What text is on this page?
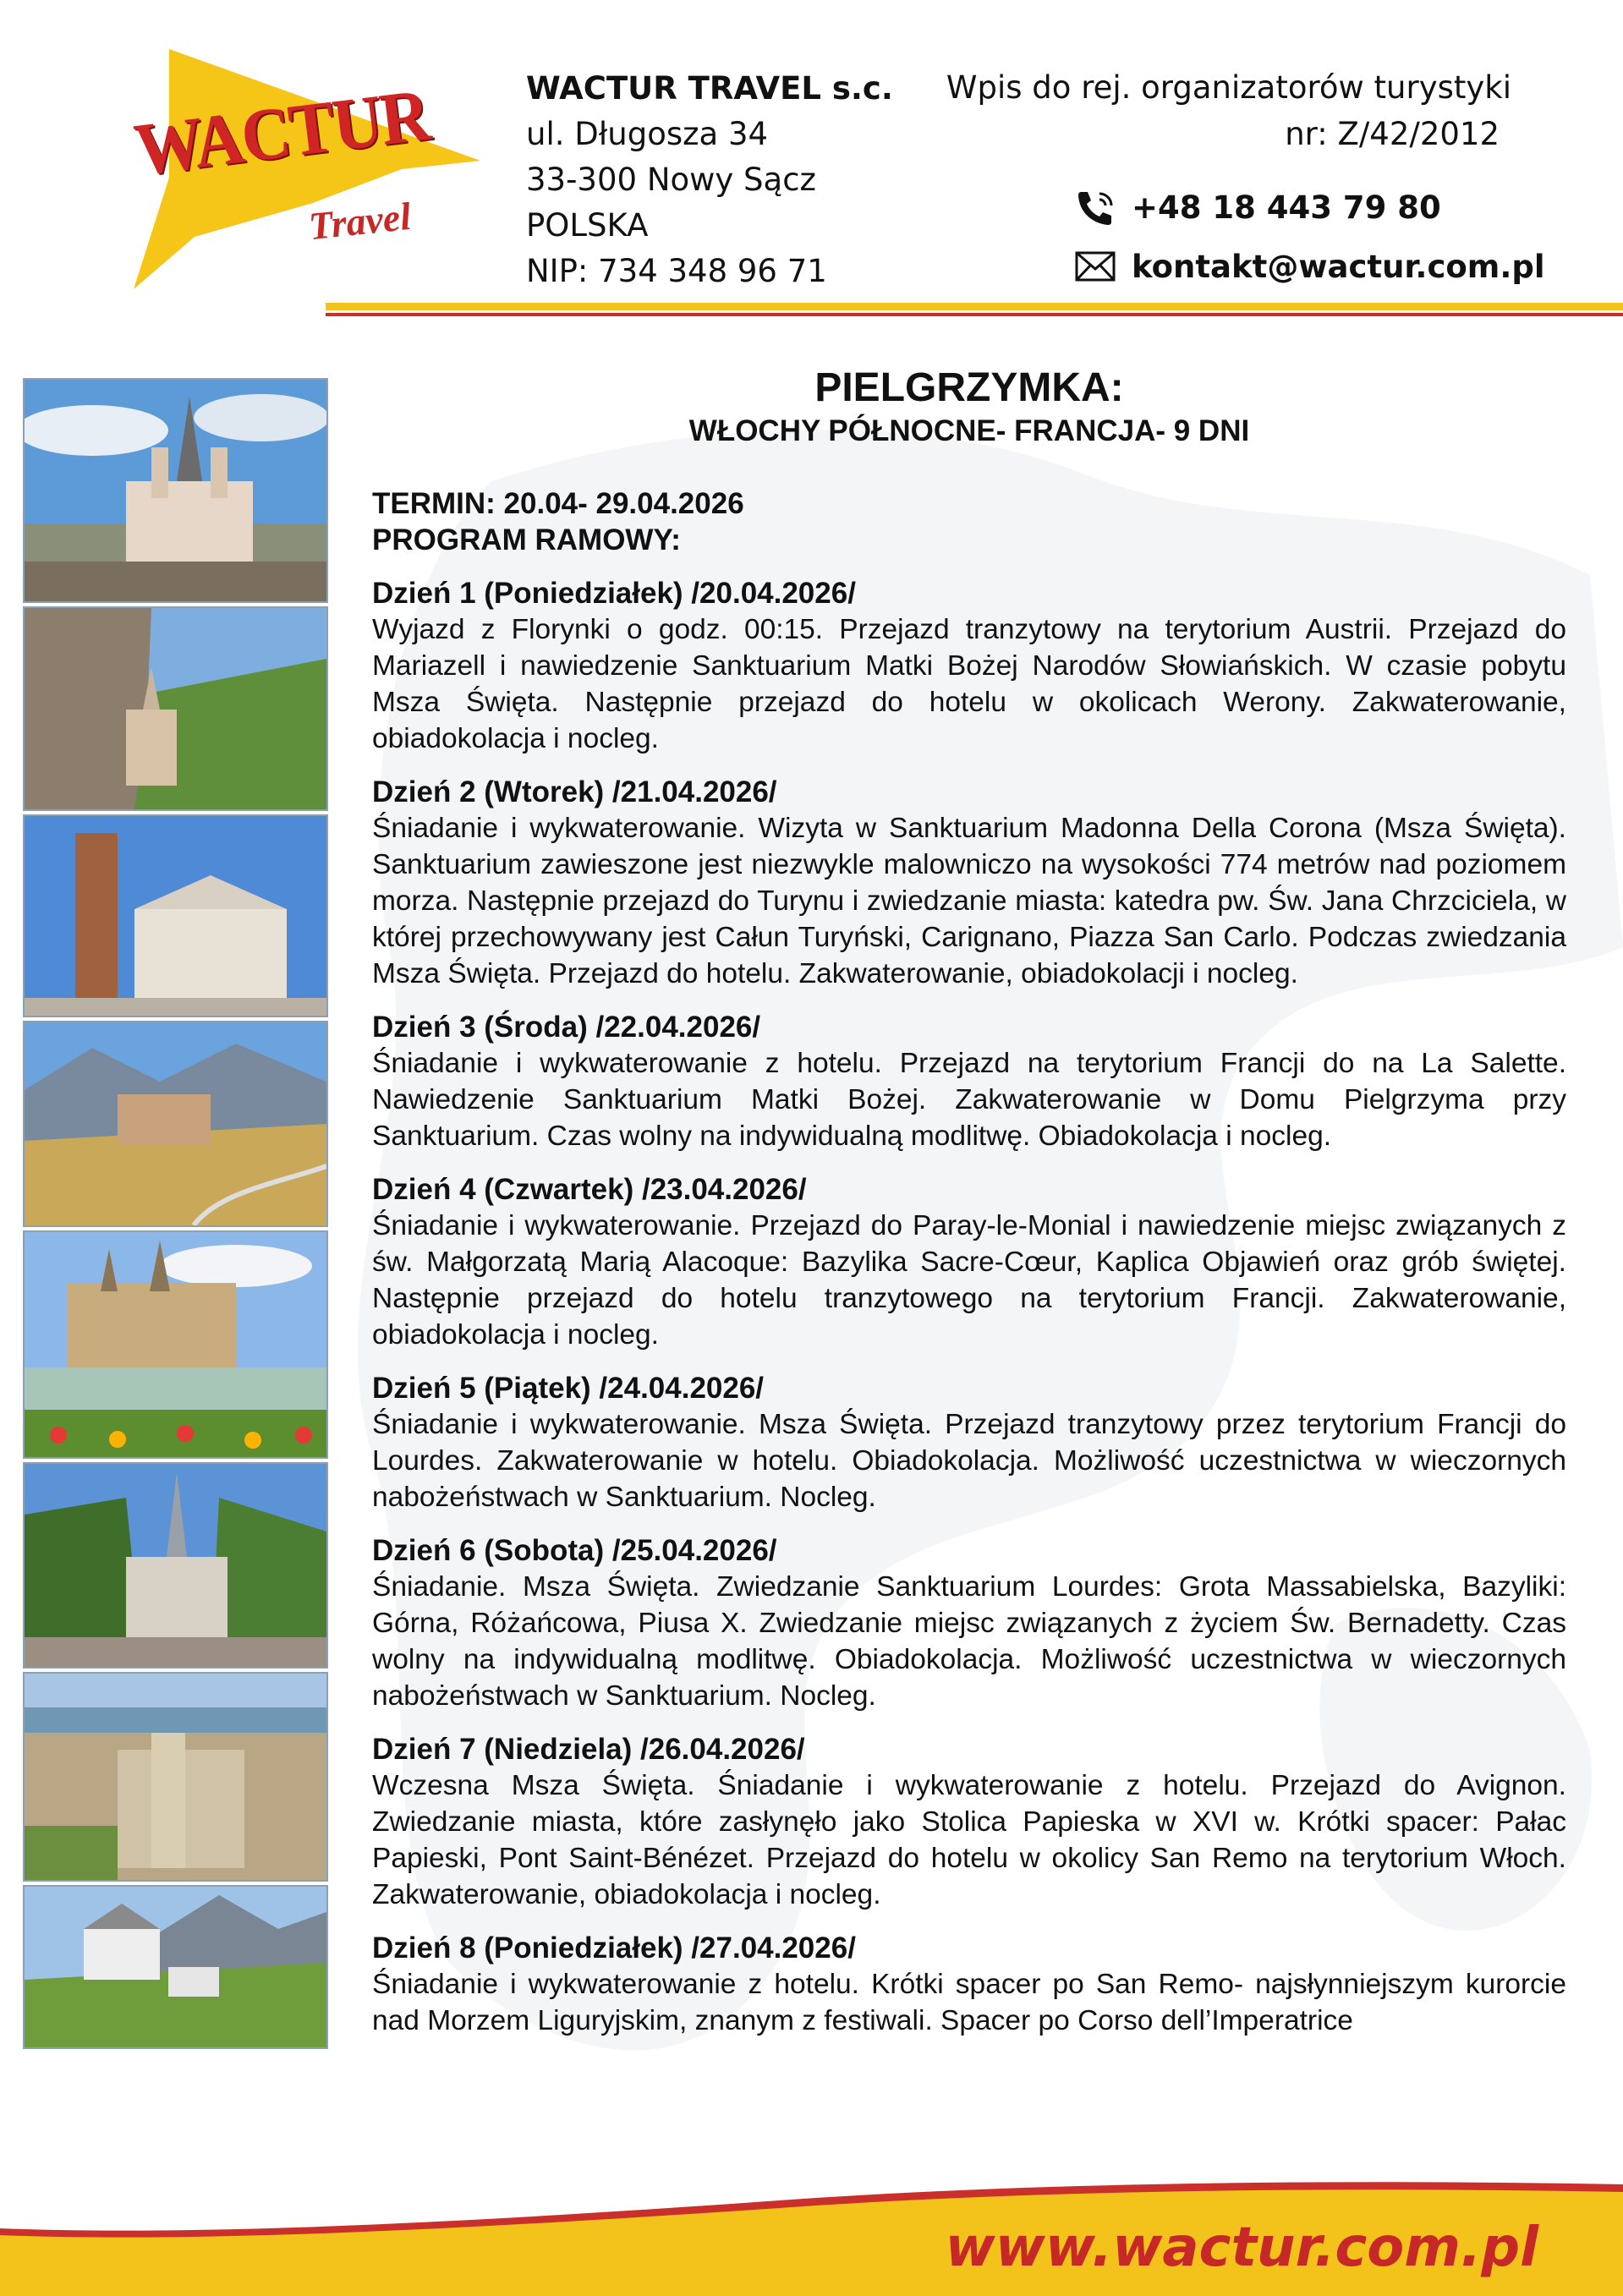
WACTUR
Travel
WACTUR TRAVEL s.c.
ul. Długosza 34
33-300 Nowy Sącz
POLSKA
NIP: 734 348 96 71
Wpis do rej. organizatorów turystyki
nr: Z/42/2012
+48 18 443 79 80
kontakt@wactur.com.pl
PIELGRZYMKA:
WŁOCHY PÓŁNOCNE- FRANCJA- 9 DNI
TERMIN: 20.04- 29.04.2026
PROGRAM RAMOWY:
Dzień 1 (Poniedziałek) /20.04.2026/
Wyjazd z Florynki o godz. 00:15. Przejazd tranzytowy na terytorium Austrii. Przejazd do Mariazell i nawiedzenie Sanktuarium Matki Bożej Narodów Słowiańskich. W czasie pobytu Msza Święta. Następnie przejazd do hotelu w okolicach Werony. Zakwaterowanie, obiadokolacja i nocleg.
Dzień 2 (Wtorek) /21.04.2026/
Śniadanie i wykwaterowanie. Wizyta w Sanktuarium Madonna Della Corona (Msza Święta). Sanktuarium zawieszone jest niezwykle malowniczo na wysokości 774 metrów nad poziomem morza. Następnie przejazd do Turynu i zwiedzanie miasta: katedra pw. Św. Jana Chrzciciela, w której przechowywany jest Całun Turyński, Carignano, Piazza San Carlo. Podczas zwiedzania Msza Święta. Przejazd do hotelu. Zakwaterowanie, obiadokolacji i nocleg.
Dzień 3 (Środa) /22.04.2026/
Śniadanie i wykwaterowanie z hotelu. Przejazd na terytorium Francji do na La Salette. Nawiedzenie Sanktuarium Matki Bożej. Zakwaterowanie w Domu Pielgrzyma przy Sanktuarium. Czas wolny na indywidualną modlitwę. Obiadokolacja i nocleg.
Dzień 4 (Czwartek) /23.04.2026/
Śniadanie i wykwaterowanie. Przejazd do Paray-le-Monial i nawiedzenie miejsc związanych z św. Małgorzatą Marią Alacoque: Bazylika Sacre-Cœur, Kaplica Objawień oraz grób świętej. Następnie przejazd do hotelu tranzytowego na terytorium Francji. Zakwaterowanie, obiadokolacja i nocleg.
Dzień 5 (Piątek) /24.04.2026/
Śniadanie i wykwaterowanie. Msza Święta. Przejazd tranzytowy przez terytorium Francji do Lourdes. Zakwaterowanie w hotelu. Obiadokolacja. Możliwość uczestnictwa w wieczornych nabożeństwach w Sanktuarium. Nocleg.
Dzień 6 (Sobota) /25.04.2026/
Śniadanie. Msza Święta. Zwiedzanie Sanktuarium Lourdes: Grota Massabielska, Bazyliki: Górna, Różańcowa, Piusa X. Zwiedzanie miejsc związanych z życiem Św. Bernadetty. Czas wolny na indywidualną modlitwę. Obiadokolacja. Możliwość uczestnictwa w wieczornych nabożeństwach w Sanktuarium. Nocleg.
Dzień 7 (Niedziela) /26.04.2026/
Wczesna Msza Święta. Śniadanie i wykwaterowanie z hotelu. Przejazd do Avignon. Zwiedzanie miasta, które zasłynęło jako Stolica Papieska w XVI w. Krótki spacer: Pałac Papieski, Pont Saint-Bénézet. Przejazd do hotelu w okolicy San Remo na terytorium Włoch. Zakwaterowanie, obiadokolacja i nocleg.
Dzień 8 (Poniedziałek) /27.04.2026/
Śniadanie i wykwaterowanie z hotelu. Krótki spacer po San Remo- najsłynniejszym kurorcie nad Morzem Liguryjskim, znanym z festiwali. Spacer po Corso dell’Imperatrice
www.wactur.com.pl
